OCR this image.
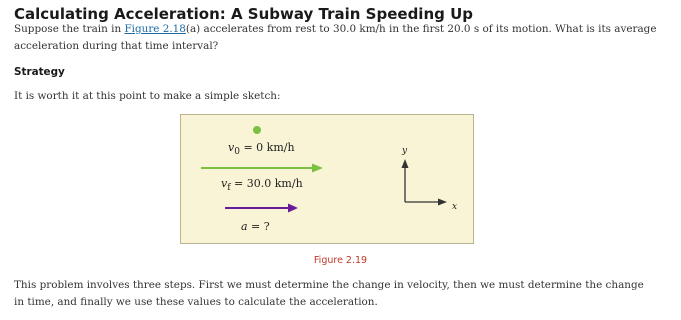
Calculating Acceleration: A Subway Train Speeding Up

Suppose the train in Figure 2.18(a) accelerates from rest to 30.0 km/h in the first 20.0 s of its motion. What is its average acceleration during that time interval?

Strategy

It is worth it at this point to make a simple sketch:

$v_0 = 0$ km/h
$v_f = 30.0$ km/h
a = ?
y
x
Figure 2.19

This problem involves three steps. First we must determine the change in velocity, then we must determine the change in time, and finally we use these values to calculate the acceleration.
